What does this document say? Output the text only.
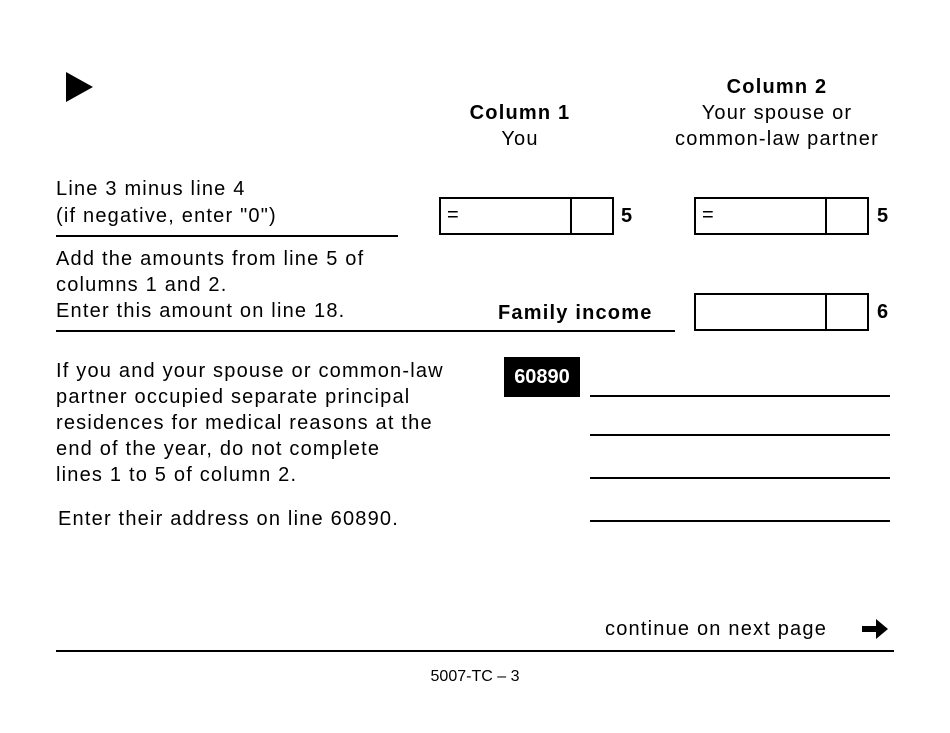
Column 1
You
Column 2
Your spouse or
common-law partner
Line 3 minus line 4
(if negative, enter "0")	=	5	=	5
Add the amounts from line 5 of
columns 1 and 2.
Enter this amount on line 18.	Family income	6
If you and your spouse or common-law
partner occupied separate principal
residences for medical reasons at the
end of the year, do not complete
lines 1 to 5 of column 2.
Enter their address on line 60890.
60890
continue on next page
5007-TC – 3
